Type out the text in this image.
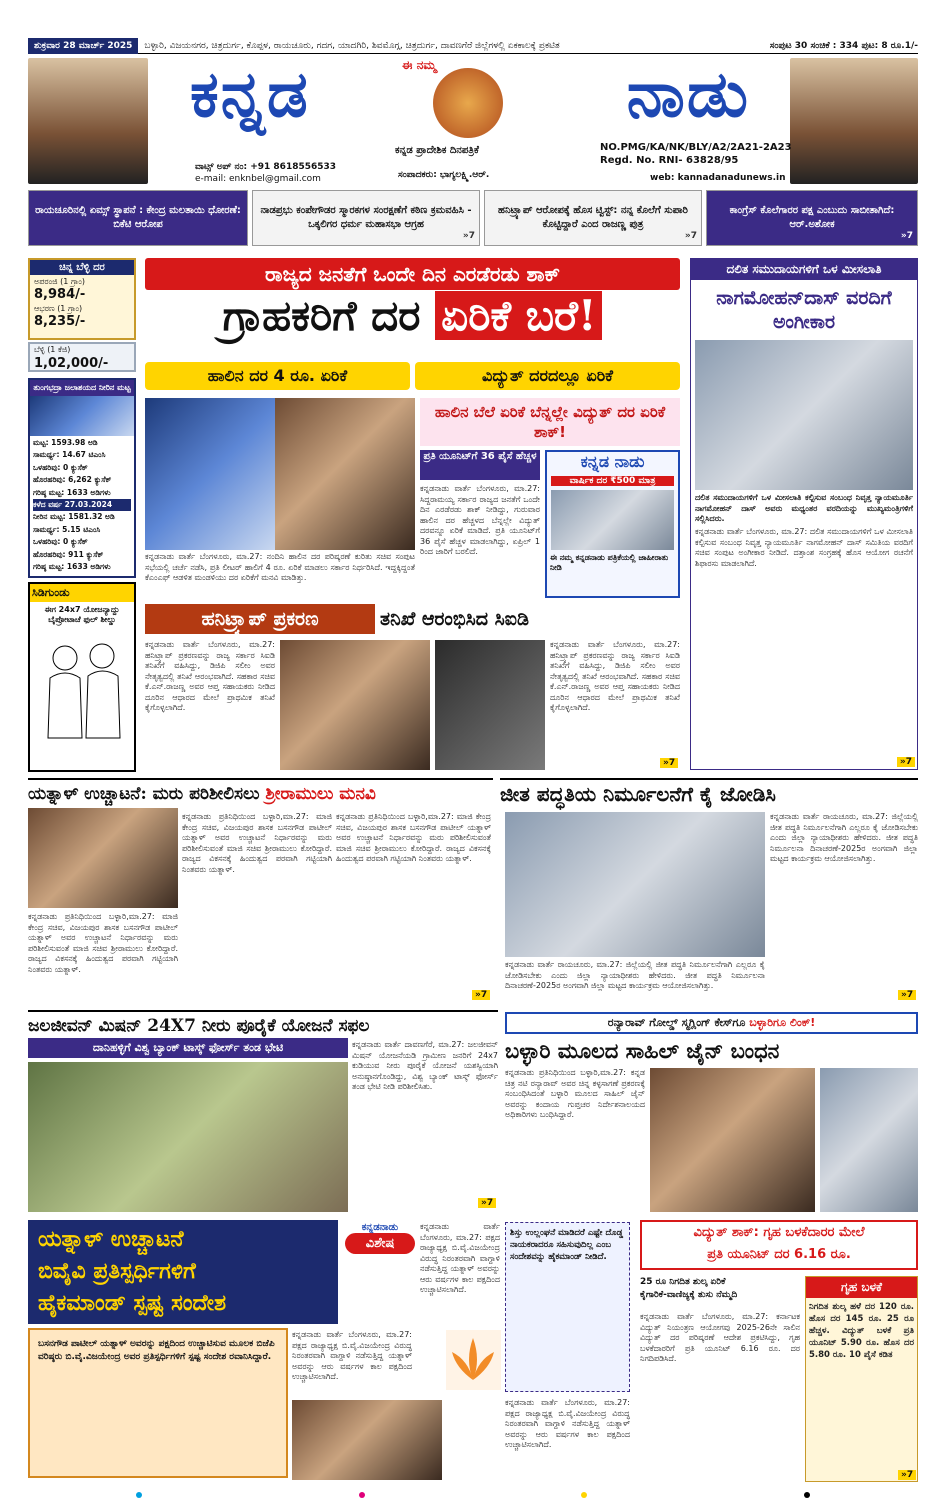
ಶುಕ್ರವಾರ 28 ಮಾರ್ಚ್ 2025	ಬಳ್ಳಾರಿ, ವಿಜಯನಗರ, ಚಿತ್ರದುರ್ಗ, ಕೊಪ್ಪಳ, ರಾಯಚೂರು, ಗದಗ, ಯಾದಗಿರಿ, ಶಿವಮೊಗ್ಗ, ಚಿತ್ರದುರ್ಗ, ದಾವಣಗೆರೆ ಜಿಲ್ಲೆಗಳಲ್ಲಿ ಏಕಕಾಲಕ್ಕೆ ಪ್ರಕಟಿತ	ಸಂಪುಟ 30 ಸಂಚಿಕೆ : 334 ಪುಟ: 8 ರೂ.1/-
ಈ ನಮ್ಮ
ಕನ್ನಡ	ನಾಡು
ಕನ್ನಡ ಪ್ರಾದೇಶಿಕ ದಿನಪತ್ರಿಕೆ
ಸಂಪಾದಕರು: ಭಾಗ್ಯಲಕ್ಷ್ಮಿ.ಆರ್.
ವಾಟ್ಸ್ ಅಪ್ ನಂ: +91 8618556533
e-mail: enknbel@gmail.com
NO.PMG/KA/NK/BLY/A2/2A21-2A23
Regd. No. RNI- 63828/95
web: kannadanadunews.in
ರಾಯಚೂರಿನಲ್ಲಿ ಏಮ್ಸ್ ಸ್ಥಾಪನೆ : ಕೇಂದ್ರ ಮಲತಾಯಿ ಧೋರಣೆ: ಬಿಕೆಟಿ ಆರೋಪ
ನಾಡಪ್ರಭು ಕಂಪೇಗೌಡರ ಸ್ಮಾರಕಗಳ ಸಂರಕ್ಷಣೆಗೆ ಕಠಿಣ ಕ್ರಮವಹಿಸಿ - ಒಕ್ಕಲಿಗರ ಧರ್ಮ ಮಹಾಸಭಾ ಆಗ್ರಹ
»7
ಹನಿಟ್ರ್ಯಾಪ್ ಆರೋಪಕ್ಕೆ ಹೊಸ ಟ್ವಿಸ್ಟ್: ನನ್ನ ಕೊಲೆಗೆ ಸುಪಾರಿ ಕೊಟ್ಟಿದ್ದಾರೆ ಎಂದ ರಾಜಣ್ಣ ಪುತ್ರ
»7
ಕಾಂಗ್ರೆಸ್ ಕೊಲೆಗಾರರ ಪಕ್ಷ ಎಂಬುದು ಸಾಬೀತಾಗಿದೆ: ಆರ್.ಅಶೋಕ
»7
ಚಿನ್ನ ಬೆಳ್ಳಿ ದರ
ಅಪರಂಜಿ (1 ಗ್ರಾಂ)
8,984/-
ಆಭರಣ (1 ಗ್ರಾಂ)
8,235/-
ಬೆಳ್ಳಿ (1 ಕೆಜಿ)
1,02,000/-
ತುಂಗಭದ್ರಾ ಜಲಾಶಯದ ನೀರಿನ ಮಟ್ಟ
ಮಟ್ಟ: 1593.98 ಅಡಿ
ಸಾಮರ್ಥ್ಯ: 14.67 ಟಿಎಂಸಿ
ಒಳಹರಿವು: 0 ಕ್ಯುಸೆಕ್
ಹೊರಹರಿವು: 6,262 ಕ್ಯುಸೆಕ್
ಗರಿಷ್ಠ ಮಟ್ಟ: 1633 ಅಡಿಗಳು
ಕಳೆದ ವರ್ಷ 27.03.2024
ನೀರಿನ ಮಟ್ಟ: 1581.32 ಅಡಿ
ಸಾಮರ್ಥ್ಯ: 5.15 ಟಿಎಂಸಿ
ಒಳಹರಿವು: 0 ಕ್ಯುಸೆಕ್
ಹೊರಹರಿವು: 911 ಕ್ಯುಸೆಕ್
ಗರಿಷ್ಠ ಮಟ್ಟ: 1633 ಅಡಿಗಳು
ಸಿಡಿಗುಂಡು
ಈಗ 24x7 ಯೋಜನ್ಯಾದ್ದು ಬೈಪ್ರೋಟಾಚೆ ಫುಲ್ ಶೀಲ್ಡು
ರಾಜ್ಯದ ಜನತೆಗೆ ಒಂದೇ ದಿನ ಎರಡೆರಡು ಶಾಕ್
ಗ್ರಾಹಕರಿಗೆ ದರ ಏರಿಕೆ ಬರೆ!
ಹಾಲಿನ ದರ 4 ರೂ. ಏರಿಕೆ	ವಿದ್ಯುತ್ ದರದಲ್ಲೂ ಏರಿಕೆ
ಹಾಲಿನ ಬೆಲೆ ಏರಿಕೆ ಬೆನ್ನಲ್ಲೇ ವಿದ್ಯುತ್ ದರ ಏರಿಕೆ ಶಾಕ್!
ಪ್ರತಿ ಯೂನಿಟ್‌ಗೆ 36 ಪೈಸೆ ಹೆಚ್ಚಳ
ಕನ್ನಡನಾಡು ವಾರ್ತೆ ಬೆಂಗಳೂರು, ಮಾ.27: ನಂದಿನಿ ಹಾಲಿನ ದರ ಪರಿಷ್ಕರಣೆ ಕುರಿತು ಸಚಿವ ಸಂಪುಟ ಸಭೆಯಲ್ಲಿ ಚರ್ಚೆ ನಡೆಸಿ, ಪ್ರತಿ ಲೀಟರ್ ಹಾಲಿಗೆ 4 ರೂ. ಏರಿಕೆ ಮಾಡಲು ಸರ್ಕಾರ ನಿರ್ಧರಿಸಿದೆ. ಇದ್ದಕ್ಕಿದ್ದಂತೆ ಕೆಎಂಎಫ್ ಆಡಳಿತ ಮಂಡಳಿಯು ದರ ಏರಿಕೆಗೆ ಮನವಿ ಮಾಡಿತ್ತು.
ಕನ್ನಡನಾಡು ವಾರ್ತೆ ಬೆಂಗಳೂರು, ಮಾ.27: ಸಿದ್ದರಾಮಯ್ಯ ಸರ್ಕಾರ ರಾಜ್ಯದ ಜನತೆಗೆ ಒಂದೇ ದಿನ ಎರಡೆರಡು ಶಾಕ್ ನೀಡಿದ್ದು, ಗುರುವಾರ ಹಾಲಿನ ದರ ಹೆಚ್ಚಳದ ಬೆನ್ನಲ್ಲೇ ವಿದ್ಯುತ್ ದರವನ್ನೂ ಏರಿಕೆ ಮಾಡಿದೆ. ಪ್ರತಿ ಯೂನಿಟ್‌ಗೆ 36 ಪೈಸೆ ಹೆಚ್ಚಳ ಮಾಡಲಾಗಿದ್ದು, ಏಪ್ರಿಲ್ 1 ರಿಂದ ಜಾರಿಗೆ ಬರಲಿದೆ.
ಕನ್ನಡ ನಾಡು
ವಾರ್ಷಿಕ ದರ ₹500 ಮಾತ್ರ
ಈ ನಮ್ಮ ಕನ್ನಡನಾಡು ಪತ್ರಿಕೆಯಲ್ಲಿ ಜಾಹೀರಾತು ನೀಡಿ
ಹನಿಟ್ರ್ಯಾಪ್ ಪ್ರಕರಣ	ತನಿಖೆ ಆರಂಭಿಸಿದ ಸಿಐಡಿ
ಕನ್ನಡನಾಡು ವಾರ್ತೆ ಬೆಂಗಳೂರು, ಮಾ.27: ಹನಿಟ್ರ್ಯಾಪ್ ಪ್ರಕರಣವನ್ನು ರಾಜ್ಯ ಸರ್ಕಾರ ಸಿಐಡಿ ತನಿಖೆಗೆ ವಹಿಸಿದ್ದು, ಡಿಜಿಪಿ ಸಲೀಂ ಅವರ ನೇತೃತ್ವದಲ್ಲಿ ತನಿಖೆ ಆರಂಭವಾಗಿದೆ. ಸಹಕಾರ ಸಚಿವ ಕೆ.ಎನ್.ರಾಜಣ್ಣ ಅವರ ಆಪ್ತ ಸಹಾಯಕರು ನೀಡಿದ ದೂರಿನ ಆಧಾರದ ಮೇಲೆ ಪ್ರಾಥಮಿಕ ತನಿಖೆ ಕೈಗೊಳ್ಳಲಾಗಿದೆ.
ಕನ್ನಡನಾಡು ವಾರ್ತೆ ಬೆಂಗಳೂರು, ಮಾ.27: ಹನಿಟ್ರ್ಯಾಪ್ ಪ್ರಕರಣವನ್ನು ರಾಜ್ಯ ಸರ್ಕಾರ ಸಿಐಡಿ ತನಿಖೆಗೆ ವಹಿಸಿದ್ದು, ಡಿಜಿಪಿ ಸಲೀಂ ಅವರ ನೇತೃತ್ವದಲ್ಲಿ ತನಿಖೆ ಆರಂಭವಾಗಿದೆ. ಸಹಕಾರ ಸಚಿವ ಕೆ.ಎನ್.ರಾಜಣ್ಣ ಅವರ ಆಪ್ತ ಸಹಾಯಕರು ನೀಡಿದ ದೂರಿನ ಆಧಾರದ ಮೇಲೆ ಪ್ರಾಥಮಿಕ ತನಿಖೆ ಕೈಗೊಳ್ಳಲಾಗಿದೆ.
»7
ದಲಿತ ಸಮುದಾಯಗಳಿಗೆ ಒಳ ಮೀಸಲಾತಿ
ನಾಗಮೋಹನ್‌ದಾಸ್ ವರದಿಗೆ ಅಂಗೀಕಾರ
ದಲಿತ ಸಮುದಾಯಗಳಿಗೆ ಒಳ ಮೀಸಲಾತಿ ಕಲ್ಪಿಸುವ ಸಂಬಂಧ ನಿವೃತ್ತ ನ್ಯಾಯಮೂರ್ತಿ ನಾಗಮೋಹನ್ ದಾಸ್ ಅವರು ಮಧ್ಯಂತರ ವರದಿಯನ್ನು ಮುಖ್ಯಮಂತ್ರಿಗಳಿಗೆ ಸಲ್ಲಿಸಿದರು.
ಕನ್ನಡನಾಡು ವಾರ್ತೆ ಬೆಂಗಳೂರು, ಮಾ.27: ದಲಿತ ಸಮುದಾಯಗಳಿಗೆ ಒಳ ಮೀಸಲಾತಿ ಕಲ್ಪಿಸುವ ಸಂಬಂಧ ನಿವೃತ್ತ ನ್ಯಾಯಮೂರ್ತಿ ನಾಗಮೋಹನ್ ದಾಸ್ ಸಮಿತಿಯ ವರದಿಗೆ ಸಚಿವ ಸಂಪುಟ ಅಂಗೀಕಾರ ನೀಡಿದೆ. ದತ್ತಾಂಶ ಸಂಗ್ರಹಕ್ಕೆ ಹೊಸ ಆಯೋಗ ರಚನೆಗೆ ಶಿಫಾರಸು ಮಾಡಲಾಗಿದೆ.
»7
ಯತ್ನಾಳ್ ಉಚ್ಚಾಟನೆ: ಮರು ಪರಿಶೀಲಿಸಲು ಶ್ರೀರಾಮುಲು ಮನವಿ
ಕನ್ನಡನಾಡು ಪ್ರತಿನಿಧಿಯಿಂದ ಬಳ್ಳಾರಿ,ಮಾ.27: ಮಾಜಿ ಕೇಂದ್ರ ಸಚಿವ, ವಿಜಯಪುರ ಶಾಸಕ ಬಸನಗೌಡ ಪಾಟೀಲ್ ಯತ್ನಾಳ್ ಅವರ ಉಚ್ಚಾಟನೆ ನಿರ್ಧಾರವನ್ನು ಮರು ಪರಿಶೀಲಿಸುವಂತೆ ಮಾಜಿ ಸಚಿವ ಶ್ರೀರಾಮುಲು ಕೋರಿದ್ದಾರೆ. ರಾಜ್ಯದ ವಿಕಸನಕ್ಕೆ ಹಿಂದುತ್ವದ ಪರವಾಗಿ ಗಟ್ಟಿಯಾಗಿ ನಿಂತವರು ಯತ್ನಾಳ್.
ಕನ್ನಡನಾಡು ಪ್ರತಿನಿಧಿಯಿಂದ ಬಳ್ಳಾರಿ,ಮಾ.27: ಮಾಜಿ ಕೇಂದ್ರ ಸಚಿವ, ವಿಜಯಪುರ ಶಾಸಕ ಬಸನಗೌಡ ಪಾಟೀಲ್ ಯತ್ನಾಳ್ ಅವರ ಉಚ್ಚಾಟನೆ ನಿರ್ಧಾರವನ್ನು ಮರು ಪರಿಶೀಲಿಸುವಂತೆ ಮಾಜಿ ಸಚಿವ ಶ್ರೀರಾಮುಲು ಕೋರಿದ್ದಾರೆ. ರಾಜ್ಯದ ವಿಕಸನಕ್ಕೆ ಹಿಂದುತ್ವದ ಪರವಾಗಿ ಗಟ್ಟಿಯಾಗಿ ನಿಂತವರು ಯತ್ನಾಳ್.
ಕನ್ನಡನಾಡು ಪ್ರತಿನಿಧಿಯಿಂದ ಬಳ್ಳಾರಿ,ಮಾ.27: ಮಾಜಿ ಕೇಂದ್ರ ಸಚಿವ, ವಿಜಯಪುರ ಶಾಸಕ ಬಸನಗೌಡ ಪಾಟೀಲ್ ಯತ್ನಾಳ್ ಅವರ ಉಚ್ಚಾಟನೆ ನಿರ್ಧಾರವನ್ನು ಮರು ಪರಿಶೀಲಿಸುವಂತೆ ಮಾಜಿ ಸಚಿವ ಶ್ರೀರಾಮುಲು ಕೋರಿದ್ದಾರೆ. ರಾಜ್ಯದ ವಿಕಸನಕ್ಕೆ ಹಿಂದುತ್ವದ ಪರವಾಗಿ ಗಟ್ಟಿಯಾಗಿ ನಿಂತವರು ಯತ್ನಾಳ್.
»7
ಜೀತ ಪದ್ಧತಿಯ ನಿರ್ಮೂಲನೆಗೆ ಕೈ ಜೋಡಿಸಿ
ಕನ್ನಡನಾಡು ವಾರ್ತೆ ರಾಯಚೂರು, ಮಾ.27: ಜಿಲ್ಲೆಯಲ್ಲಿ ಜೀತ ಪದ್ಧತಿ ನಿರ್ಮೂಲನೆಗಾಗಿ ಎಲ್ಲರೂ ಕೈ ಜೋಡಿಸಬೇಕು ಎಂದು ಜಿಲ್ಲಾ ನ್ಯಾಯಾಧೀಶರು ಹೇಳಿದರು. ಜೀತ ಪದ್ಧತಿ ನಿರ್ಮೂಲನಾ ದಿನಾಚರಣೆ-2025ರ ಅಂಗವಾಗಿ ಜಿಲ್ಲಾ ಮಟ್ಟದ ಕಾರ್ಯಕ್ರಮ ಆಯೋಜಿಸಲಾಗಿತ್ತು.
ಕನ್ನಡನಾಡು ವಾರ್ತೆ ರಾಯಚೂರು, ಮಾ.27: ಜಿಲ್ಲೆಯಲ್ಲಿ ಜೀತ ಪದ್ಧತಿ ನಿರ್ಮೂಲನೆಗಾಗಿ ಎಲ್ಲರೂ ಕೈ ಜೋಡಿಸಬೇಕು ಎಂದು ಜಿಲ್ಲಾ ನ್ಯಾಯಾಧೀಶರು ಹೇಳಿದರು. ಜೀತ ಪದ್ಧತಿ ನಿರ್ಮೂಲನಾ ದಿನಾಚರಣೆ-2025ರ ಅಂಗವಾಗಿ ಜಿಲ್ಲಾ ಮಟ್ಟದ ಕಾರ್ಯಕ್ರಮ ಆಯೋಜಿಸಲಾಗಿತ್ತು.
»7
ಜಲಜೀವನ್ ಮಿಷನ್ 24X7 ನೀರು ಪೂರೈಕೆ ಯೋಜನೆ ಸಫಲ
ದಾನಿಹಳ್ಳಿಗೆ ವಿಶ್ವ ಬ್ಯಾಂಕ್ ಟಾಸ್ಕ್ ಫೋರ್ಸ್ ತಂಡ ಭೇಟಿ	ಕನ್ನಡನಾಡು ವಾರ್ತೆ ದಾವಣಗೆರೆ, ಮಾ.27: ಜಲಜೀವನ್ ಮಿಷನ್ ಯೋಜನೆಯಡಿ ಗ್ರಾಮೀಣ ಜನರಿಗೆ 24x7 ಕುಡಿಯುವ ನೀರು ಪೂರೈಕೆ ಯೋಜನೆ ಯಶಸ್ವಿಯಾಗಿ ಅನುಷ್ಠಾನಗೊಂಡಿದ್ದು, ವಿಶ್ವ ಬ್ಯಾಂಕ್ ಟಾಸ್ಕ್ ಫೋರ್ಸ್ ತಂಡ ಭೇಟಿ ನೀಡಿ ಪರಿಶೀಲಿಸಿತು.
»7
ರನ್ಯಾರಾವ್ ಗೋಲ್ಡ್ ಸ್ಮಗ್ಲಿಂಗ್ ಕೇಸ್‌ಗೂ ಬಳ್ಳಾರಿಗೂ ಲಿಂಕ್!
ಬಳ್ಳಾರಿ ಮೂಲದ ಸಾಹಿಲ್ ಜೈನ್ ಬಂಧನ
ಕನ್ನಡನಾಡು ಪ್ರತಿನಿಧಿಯಿಂದ ಬಳ್ಳಾರಿ,ಮಾ.27: ಕನ್ನಡ ಚಿತ್ರ ನಟಿ ರನ್ಯಾರಾವ್ ಅವರ ಚಿನ್ನ ಕಳ್ಳಸಾಗಣೆ ಪ್ರಕರಣಕ್ಕೆ ಸಂಬಂಧಿಸಿದಂತೆ ಬಳ್ಳಾರಿ ಮೂಲದ ಸಾಹಿಲ್ ಜೈನ್ ಅವರನ್ನು ಕಂದಾಯ ಗುಪ್ತಚರ ನಿರ್ದೇಶನಾಲಯದ ಅಧಿಕಾರಿಗಳು ಬಂಧಿಸಿದ್ದಾರೆ.
ಯತ್ನಾಳ್ ಉಚ್ಚಾಟನೆ
ಬಿವೈವಿ ಪ್ರತಿಸ್ಪರ್ಧಿಗಳಿಗೆ
ಹೈಕಮಾಂಡ್ ಸ್ಪಷ್ಟ ಸಂದೇಶ
ಕನ್ನಡನಾಡು
ವಿಶೇಷ
ಕನ್ನಡನಾಡು ವಾರ್ತೆ ಬೆಂಗಳೂರು, ಮಾ.27: ಪಕ್ಷದ ರಾಜ್ಯಾಧ್ಯಕ್ಷ ಬಿ.ವೈ.ವಿಜಯೇಂದ್ರ ವಿರುದ್ಧ ನಿರಂತರವಾಗಿ ವಾಗ್ದಾಳಿ ನಡೆಸುತ್ತಿದ್ದ ಯತ್ನಾಳ್ ಅವರನ್ನು ಆರು ವರ್ಷಗಳ ಕಾಲ ಪಕ್ಷದಿಂದ ಉಚ್ಚಾಟಿಸಲಾಗಿದೆ.
ಬಸನಗೌಡ ಪಾಟೀಲ್ ಯತ್ನಾಳ್ ಅವರನ್ನು ಪಕ್ಷದಿಂದ ಉಚ್ಚಾಟಿಸುವ ಮೂಲಕ ಬಿಜೆಪಿ ವರಿಷ್ಠರು ಬಿ.ವೈ.ವಿಜಯೇಂದ್ರ ಅವರ ಪ್ರತಿಸ್ಪರ್ಧಿಗಳಿಗೆ ಸ್ಪಷ್ಟ ಸಂದೇಶ ರವಾನಿಸಿದ್ದಾರೆ.
ಕನ್ನಡನಾಡು ವಾರ್ತೆ ಬೆಂಗಳೂರು, ಮಾ.27: ಪಕ್ಷದ ರಾಜ್ಯಾಧ್ಯಕ್ಷ ಬಿ.ವೈ.ವಿಜಯೇಂದ್ರ ವಿರುದ್ಧ ನಿರಂತರವಾಗಿ ವಾಗ್ದಾಳಿ ನಡೆಸುತ್ತಿದ್ದ ಯತ್ನಾಳ್ ಅವರನ್ನು ಆರು ವರ್ಷಗಳ ಕಾಲ ಪಕ್ಷದಿಂದ ಉಚ್ಚಾಟಿಸಲಾಗಿದೆ.
ಶಿಸ್ತು ಉಲ್ಲಂಘನೆ ಮಾಡಿದರೆ ಎಷ್ಟೇ ದೊಡ್ಡ ನಾಯಕರಾದರೂ ಸಹಿಸುವುದಿಲ್ಲ ಎಂಬ ಸಂದೇಶವನ್ನು ಹೈಕಮಾಂಡ್ ನೀಡಿದೆ.
ಕನ್ನಡನಾಡು ವಾರ್ತೆ ಬೆಂಗಳೂರು, ಮಾ.27: ಪಕ್ಷದ ರಾಜ್ಯಾಧ್ಯಕ್ಷ ಬಿ.ವೈ.ವಿಜಯೇಂದ್ರ ವಿರುದ್ಧ ನಿರಂತರವಾಗಿ ವಾಗ್ದಾಳಿ ನಡೆಸುತ್ತಿದ್ದ ಯತ್ನಾಳ್ ಅವರನ್ನು ಆರು ವರ್ಷಗಳ ಕಾಲ ಪಕ್ಷದಿಂದ ಉಚ್ಚಾಟಿಸಲಾಗಿದೆ.
ವಿದ್ಯುತ್ ಶಾಕ್: ಗೃಹ ಬಳಕೆದಾರರ ಮೇಲೆ
ಪ್ರತಿ ಯೂನಿಟ್ ದರ 6.16 ರೂ.
25 ರೂ ನಿಗದಿತ ಶುಲ್ಕ ಏರಿಕೆ
ಕೈಗಾರಿಕೆ-ವಾಣಿಜ್ಯಕ್ಕೆ ತುಸು ನೆಮ್ಮದಿ
ಕನ್ನಡನಾಡು ವಾರ್ತೆ ಬೆಂಗಳೂರು, ಮಾ.27: ಕರ್ನಾಟಕ ವಿದ್ಯುತ್ ನಿಯಂತ್ರಣ ಆಯೋಗವು 2025-26ನೇ ಸಾಲಿನ ವಿದ್ಯುತ್ ದರ ಪರಿಷ್ಕರಣೆ ಆದೇಶ ಪ್ರಕಟಿಸಿದ್ದು, ಗೃಹ ಬಳಕೆದಾರರಿಗೆ ಪ್ರತಿ ಯೂನಿಟ್ 6.16 ರೂ. ದರ ನಿಗದಿಪಡಿಸಿದೆ.
ಗೃಹ ಬಳಕೆ
ನಿಗದಿತ ಶುಲ್ಕ ಹಳೆ ದರ 120 ರೂ. ಹೊಸ ದರ 145 ರೂ. 25 ರೂ ಹೆಚ್ಚಳ. ವಿದ್ಯುತ್ ಬಳಕೆ ಪ್ರತಿ ಯೂನಿಟ್ 5.90 ರೂ. ಹೊಸ ದರ 5.80 ರೂ. 10 ಪೈಸೆ ಕಡಿತ
»7
